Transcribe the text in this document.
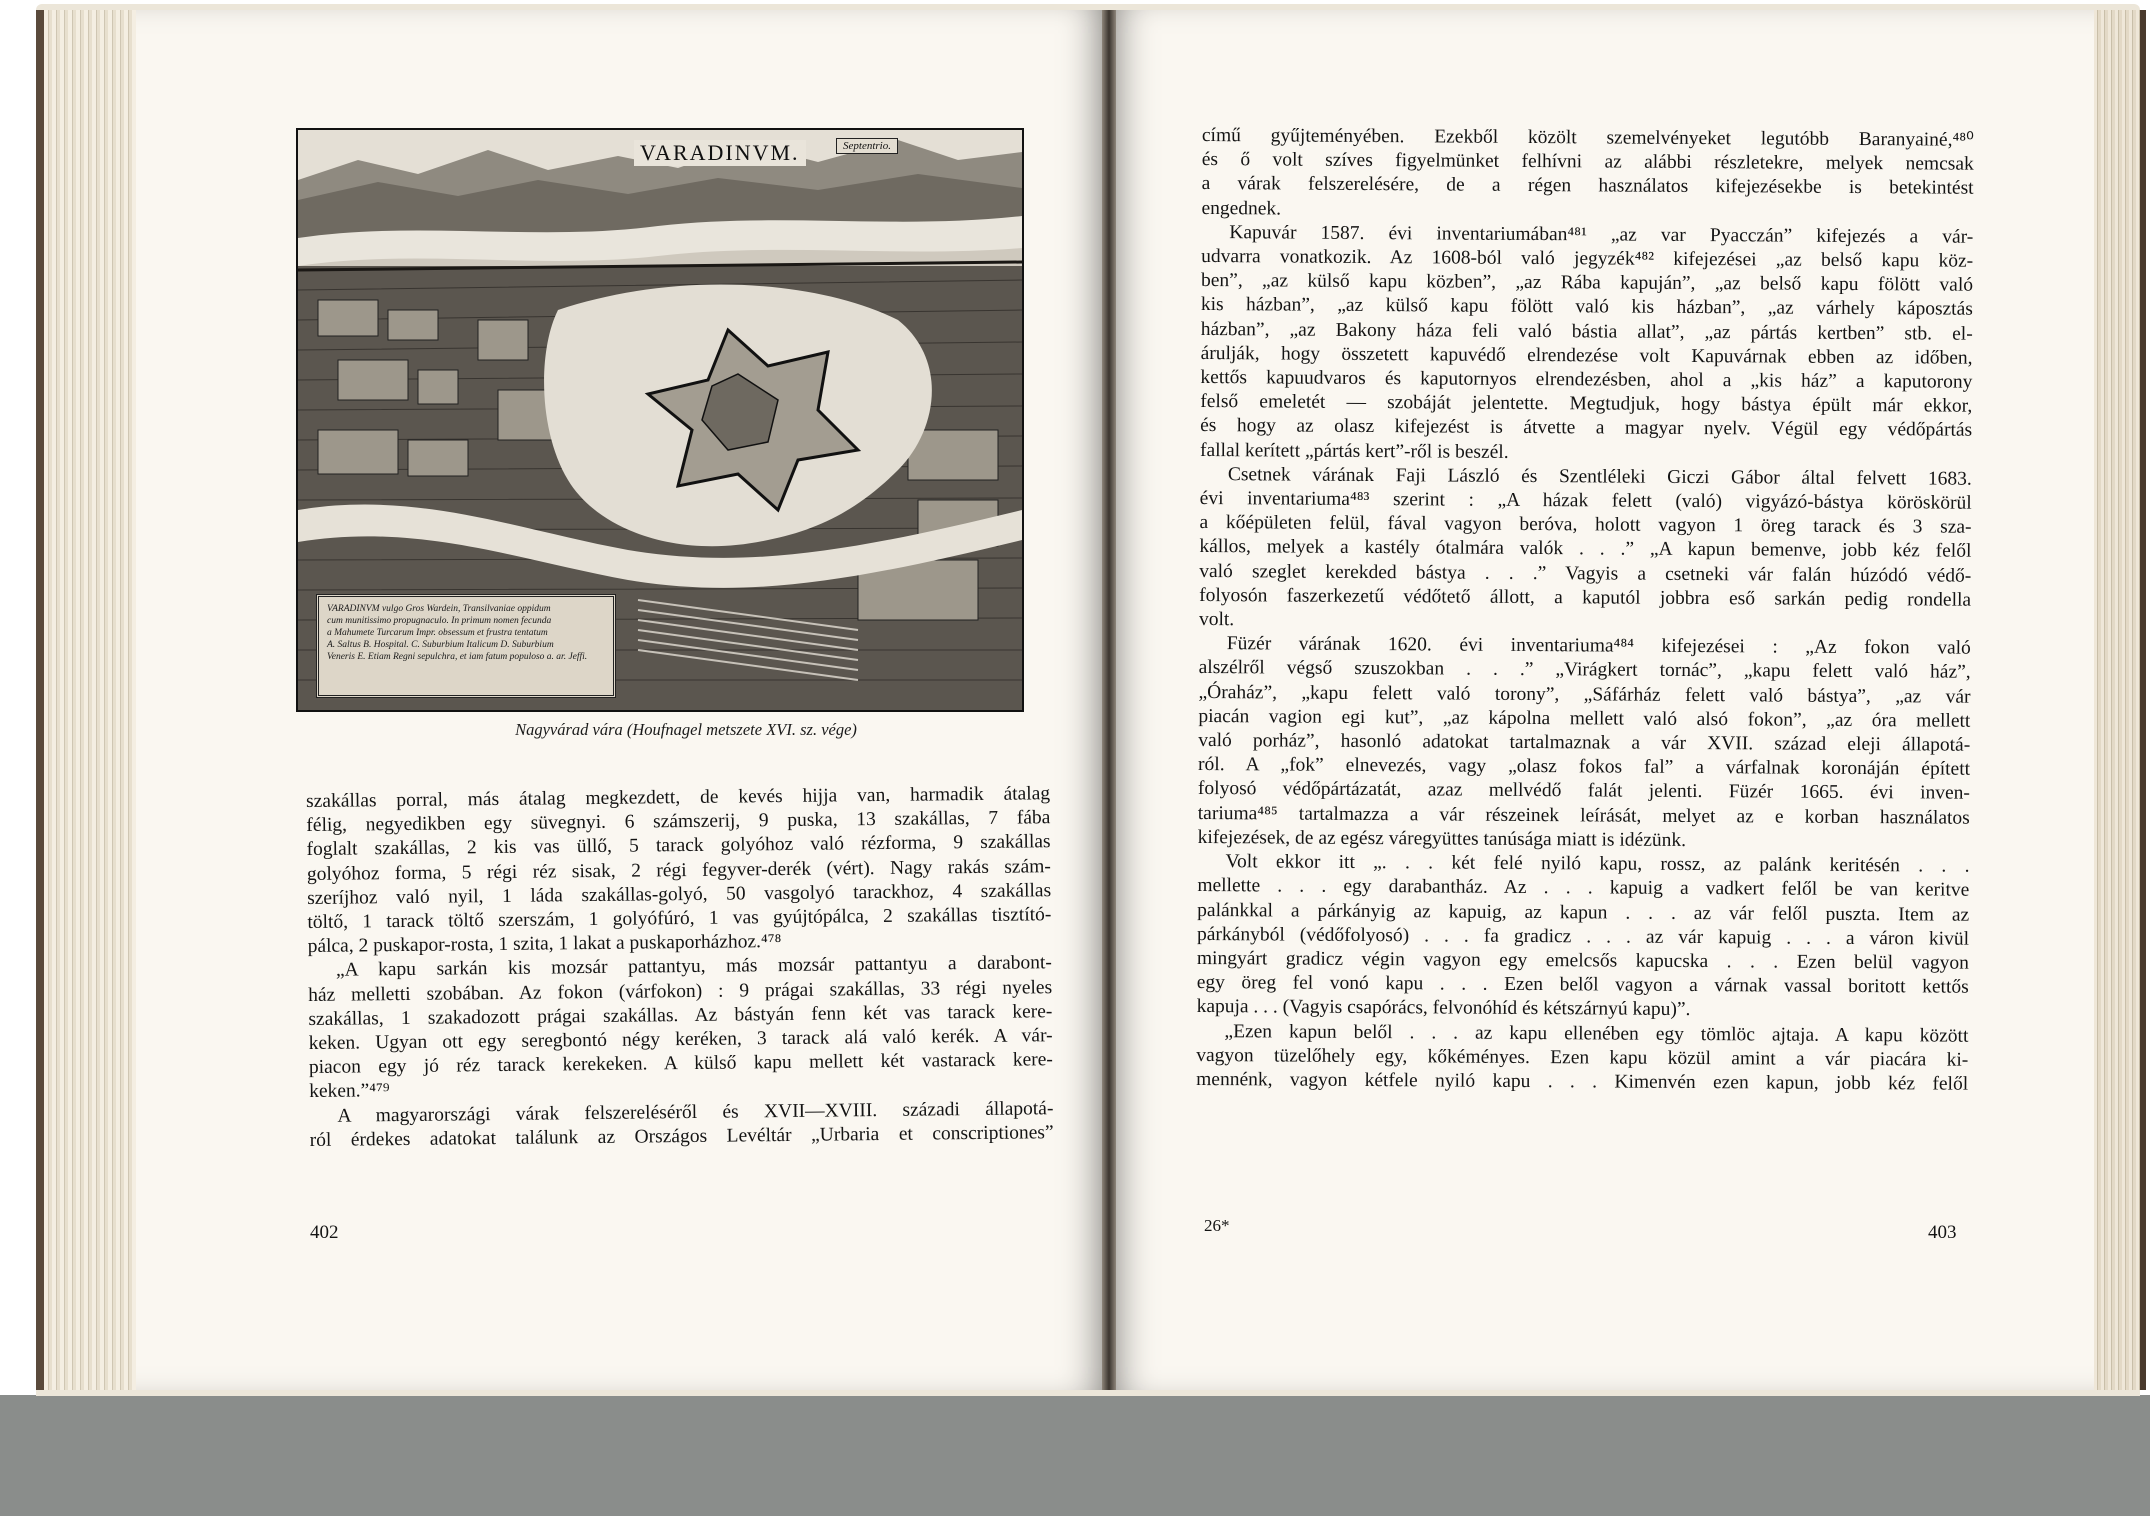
VARADINVM.	Septentrio.
VARADINVM vulgo Gros Wardein, Transilvaniae oppidum
cum munitissimo propugnaculo. In primum nomen fecunda
a Mahumete Turcarum Impr. obsessum et frustra tentatum
A. Saltus B. Hospital. C. Suburbium Italicum D. Suburbium
Veneris E. Etiam Regni sepulchra, et iam fatum populoso a. ar. Jeffi.
Nagyvárad vára (Houfnagel metszete XVI. sz. vége)
szakállas porral, más átalag megkezdett, de kevés hijja van, harmadik átalag
félig, negyedikben egy süvegnyi. 6 számszerij, 9 puska, 13 szakállas, 7 fába
foglalt szakállas, 2 kis vas üllő, 5 tarack golyóhoz való rézforma, 9 szakállas
golyóhoz forma, 5 régi réz sisak, 2 régi fegyver-derék (vért). Nagy rakás szám-
szeríjhoz való nyil, 1 láda szakállas-golyó, 50 vasgolyó tarackhoz, 4 szakállas
töltő, 1 tarack töltő szerszám, 1 golyófúró, 1 vas gyújtópálca, 2 szakállas tisztító-
pálca, 2 puskapor-rosta, 1 szita, 1 lakat a puskaporházhoz.⁴⁷⁸
„A kapu sarkán kis mozsár pattantyu, más mozsár pattantyu a darabont-
ház melletti szobában. Az fokon (várfokon) : 9 prágai szakállas, 33 régi nyeles
szakállas, 1 szakadozott prágai szakállas. Az bástyán fenn két vas tarack kere-
keken. Ugyan ott egy seregbontó négy keréken, 3 tarack alá való kerék. A vár-
piacon egy jó réz tarack kerekeken. A külső kapu mellett két vastarack kere-
keken.”⁴⁷⁹
A magyarországi várak felszereléséről és XVII—XVIII. századi állapotá-
ról érdekes adatokat találunk az Országos Levéltár „Urbaria et conscriptiones”
402
című gyűjteményében. Ezekből közölt szemelvényeket legutóbb Baranyainé,⁴⁸⁰
és ő volt szíves figyelmünket felhívni az alábbi részletekre, melyek nemcsak
a várak felszerelésére, de a régen használatos kifejezésekbe is betekintést
engednek.
Kapuvár 1587. évi inventariumában⁴⁸¹ „az var Pyacczán” kifejezés a vár-
udvarra vonatkozik. Az 1608-ból való jegyzék⁴⁸² kifejezései „az belső kapu köz-
ben”, „az külső kapu közben”, „az Rába kapuján”, „az belső kapu fölött való
kis házban”, „az külső kapu fölött való kis házban”, „az várhely káposztás
házban”, „az Bakony háza feli való bástia allat”, „az pártás kertben” stb. el-
árulják, hogy összetett kapuvédő elrendezése volt Kapuvárnak ebben az időben,
kettős kapuudvaros és kaputornyos elrendezésben, ahol a „kis ház” a kaputorony
felső emeletét — szobáját jelentette. Megtudjuk, hogy bástya épült már ekkor,
és hogy az olasz kifejezést is átvette a magyar nyelv. Végül egy védőpártás
fallal kerített „pártás kert”-ről is beszél.
Csetnek várának Faji László és Szentléleki Giczi Gábor által felvett 1683.
évi inventariuma⁴⁸³ szerint : „A házak felett (való) vigyázó-bástya köröskörül
a kőépületen felül, fával vagyon beróva, holott vagyon 1 öreg tarack és 3 sza-
kállos, melyek a kastély ótalmára valók . . .” „A kapun bemenve, jobb kéz felől
való szeglet kerekded bástya . . .” Vagyis a csetneki vár falán húzódó védő-
folyosón faszerkezetű védőtető állott, a kaputól jobbra eső sarkán pedig rondella
volt.
Füzér várának 1620. évi inventariuma⁴⁸⁴ kifejezései : „Az fokon való
alszélről végső szuszokban . . .” „Virágkert tornác”, „kapu felett való ház”,
„Óraház”, „kapu felett való torony”, „Sáfárház felett való bástya”, „az vár
piacán vagion egi kut”, „az kápolna mellett való alsó fokon”, „az óra mellett
való porház”, hasonló adatokat tartalmaznak a vár XVII. század eleji állapotá-
ról. A „fok” elnevezés, vagy „olasz fokos fal” a várfalnak koronáján épített
folyosó védőpártázatát, azaz mellvédő falát jelenti. Füzér 1665. évi inven-
tariuma⁴⁸⁵ tartalmazza a vár részeinek leírását, melyet az e korban használatos
kifejezések, de az egész váregyüttes tanúsága miatt is idézünk.
Volt ekkor itt „. . . két felé nyiló kapu, rossz, az palánk keritésén . . .
mellette . . . egy darabantház. Az . . . kapuig a vadkert felől be van keritve
palánkkal a párkányig az kapuig, az kapun . . . az vár felől puszta. Item az
párkányból (védőfolyosó) . . . fa gradicz . . . az vár kapuig . . . a váron kivül
mingyárt gradicz végin vagyon egy emelcsős kapucska . . . Ezen belül vagyon
egy öreg fel vonó kapu . . . Ezen belől vagyon a várnak vassal boritott kettős
kapuja . . . (Vagyis csapórács, felvonóhíd és kétszárnyú kapu)”.
„Ezen kapun belől . . . az kapu ellenében egy tömlöc ajtaja. A kapu között
vagyon tüzelőhely egy, kőkéményes. Ezen kapu közül amint a vár piacára ki-
mennénk, vagyon kétfele nyiló kapu . . . Kimenvén ezen kapun, jobb kéz felől
26*	403
